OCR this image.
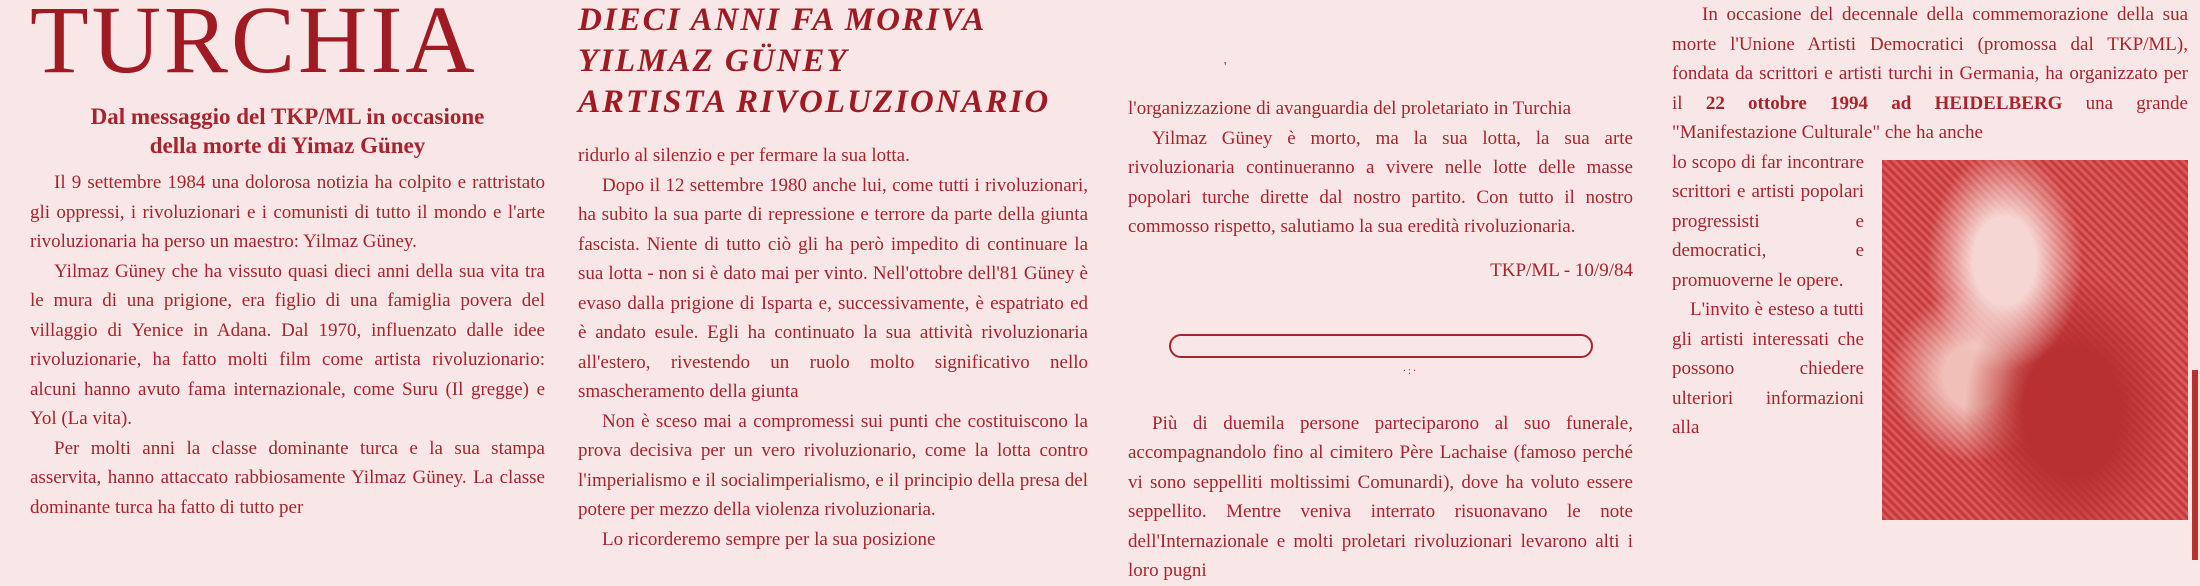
TURCHIA
Dal messaggio del TKP/ML in occasione
della morte di Yimaz Güney

Il 9 settembre 1984 una dolorosa notizia ha colpito e rattristato gli oppressi, i rivoluzionari e i comunisti di tutto il mondo e l'arte rivoluzionaria ha perso un maestro: Yilmaz Güney.

Yilmaz Güney che ha vissuto quasi dieci anni della sua vita tra le mura di una prigione, era figlio di una famiglia povera del villaggio di Yenice in Adana. Dal 1970, influenzato dalle idee rivoluzionarie, ha fatto molti film come artista rivoluzionario: alcuni hanno avuto fama internazionale, come Suru (Il gregge) e Yol (La vita).

Per molti anni la classe dominante turca e la sua stampa asservita, hanno attaccato rabbiosamente Yilmaz Güney. La classe dominante turca ha fatto di tutto per

DIECI ANNI FA MORIVA YILMAZ GÜNEY
ARTISTA RIVOLUZIONARIO

ridurlo al silenzio e per fermare la sua lotta.

Dopo il 12 settembre 1980 anche lui, come tutti i rivoluzionari, ha subito la sua parte di repressione e terrore da parte della giunta fascista. Niente di tutto ciò gli ha però impedito di continuare la sua lotta - non si è dato mai per vinto. Nell'ottobre dell'81 Güney è evaso dalla prigione di Isparta e, successivamente, è espatriato ed è andato esule. Egli ha continuato la sua attività rivoluzionaria all'estero, rivestendo un ruolo molto significativo nello smascheramento della giunta

Non è sceso mai a compromessi sui punti che costituiscono la prova decisiva per un vero rivoluzionario, come la lotta contro l'imperialismo e il socialimperialismo, e il principio della presa del potere per mezzo della violenza rivoluzionaria.

Lo ricorderemo sempre per la sua posizione

'

l'organizzazione di avanguardia del proletariato in Turchia

Yilmaz Güney è morto, ma la sua lotta, la sua arte rivoluzionaria continueranno a vivere nelle lotte delle masse popolari turche dirette dal nostro partito. Con tutto il nostro commosso rispetto, salutiamo la sua eredità rivoluzionaria.

TKP/ML - 10/9/84
·:·

Più di duemila persone parteciparono al suo funerale, accompagnandolo fino al cimitero Père Lachaise (famoso perché vi sono seppelliti moltissimi Comunardi), dove ha voluto essere seppellito. Mentre veniva interrato risuonavano le note dell'Internazionale e molti proletari rivoluzionari levarono alti i loro pugni

In occasione del decennale della commemorazione della sua morte l'Unione Artisti Democratici (promossa dal TKP/ML), fondata da scrittori e artisti turchi in Germania, ha organizzato per il 22 ottobre 1994 ad HEIDELBERG una grande "Manifestazione Culturale" che ha anche

lo scopo di far incontrare scrittori e artisti popolari progressisti e democratici, e promuoverne le opere.

L'invito è esteso a tutti gli artisti interessati che possono chiedere ulteriori informazioni alla
